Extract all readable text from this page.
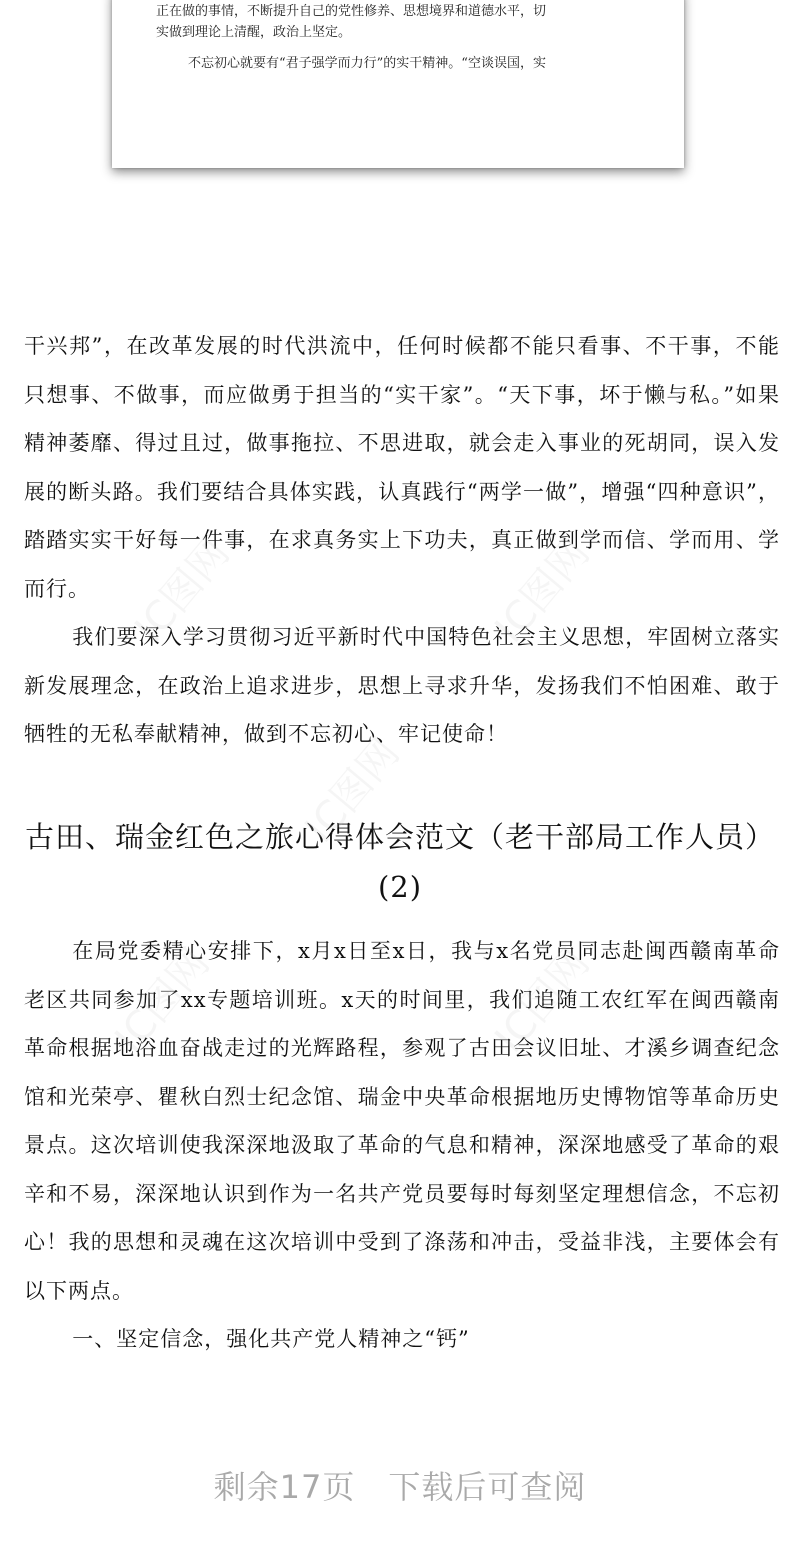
正在做的事情，不断提升自己的党性修养、思想境界和道德水平，切
实做到理论上清醒，政治上坚定。
不忘初心就要有“君子强学而力行”的实干精神。“空谈误国，实

干兴邦”，在改革发展的时代洪流中，任何时候都不能只看事、不干事，不能只想事、不做事，而应做勇于担当的“实干家”。“天下事，坏于懒与私。”如果精神萎靡、得过且过，做事拖拉、不思进取，就会走入事业的死胡同，误入发展的断头路。我们要结合具体实践，认真践行“两学一做”，增强“四种意识”，踏踏实实干好每一件事，在求真务实上下功夫，真正做到学而信、学而用、学而行。

我们要深入学习贯彻习近平新时代中国特色社会主义思想，牢固树立落实新发展理念，在政治上追求进步，思想上寻求升华，发扬我们不怕困难、敢于牺牲的无私奉献精神，做到不忘初心、牢记使命！

古田、瑞金红色之旅心得体会范文（老干部局工作人员）(2)

在局党委精心安排下，x月x日至x日，我与x名党员同志赴闽西赣南革命老区共同参加了xx专题培训班。x天的时间里，我们追随工农红军在闽西赣南革命根据地浴血奋战走过的光辉路程，参观了古田会议旧址、才溪乡调查纪念馆和光荣亭、瞿秋白烈士纪念馆、瑞金中央革命根据地历史博物馆等革命历史景点。这次培训使我深深地汲取了革命的气息和精神，深深地感受了革命的艰辛和不易，深深地认识到作为一名共产党员要每时每刻坚定理想信念，不忘初心！我的思想和灵魂在这次培训中受到了涤荡和冲击，受益非浅，主要体会有以下两点。

一、坚定信念，强化共产党人精神之“钙”

IC图网	IC图网
IC图网
IC图网	IC图网
剩余17页　下载后可查阅
